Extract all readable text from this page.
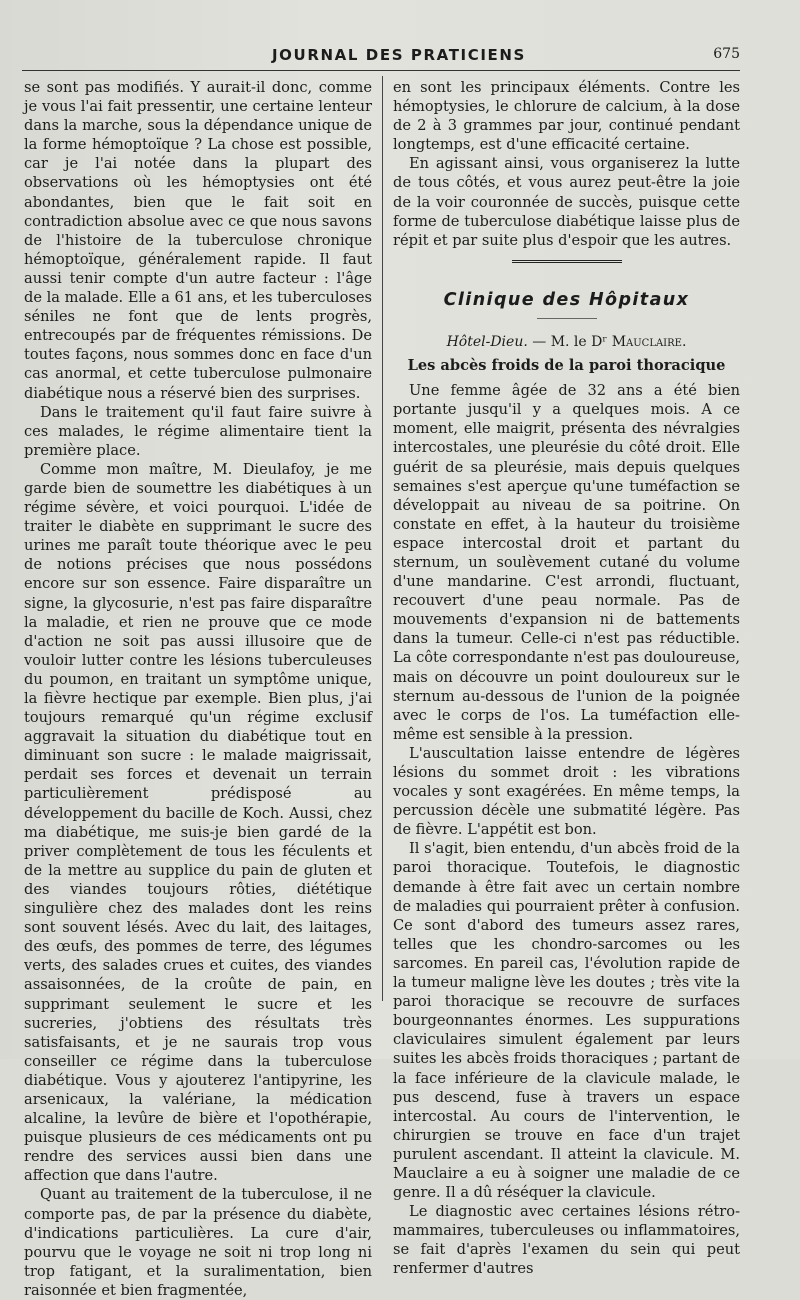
JOURNAL DES PRATICIENS	675

se sont pas modifiés. Y aurait-il donc, comme je vous l'ai fait pressentir, une certaine lenteur dans la marche, sous la dépendance unique de la forme hémoptoïque ? La chose est possible, car je l'ai notée dans la plupart des observations où les hémoptysies ont été abondantes, bien que le fait soit en contradiction absolue avec ce que nous savons de l'histoire de la tuberculose chronique hémoptoïque, généralement rapide. Il faut aussi tenir compte d'un autre facteur : l'âge de la malade. Elle a 61 ans, et les tuberculoses séniles ne font que de lents progrès, entrecoupés par de fréquentes rémissions. De toutes façons, nous sommes donc en face d'un cas anormal, et cette tuberculose pulmonaire diabétique nous a réservé bien des surprises.

Dans le traitement qu'il faut faire suivre à ces malades, le régime alimentaire tient la première place.

Comme mon maître, M. Dieulafoy, je me garde bien de soumettre les diabétiques à un régime sévère, et voici pourquoi. L'idée de traiter le diabète en supprimant le sucre des urines me paraît toute théorique avec le peu de notions précises que nous possédons encore sur son essence. Faire disparaître un signe, la glycosurie, n'est pas faire disparaître la maladie, et rien ne prouve que ce mode d'action ne soit pas aussi illusoire que de vouloir lutter contre les lésions tuberculeuses du poumon, en traitant un symptôme unique, la fièvre hectique par exemple. Bien plus, j'ai toujours remarqué qu'un régime exclusif aggravait la situation du diabétique tout en diminuant son sucre : le malade maigrissait, perdait ses forces et devenait un terrain particulièrement prédisposé au développement du bacille de Koch. Aussi, chez ma diabétique, me suis-je bien gardé de la priver complètement de tous les féculents et de la mettre au supplice du pain de gluten et des viandes toujours rôties, diététique singulière chez des malades dont les reins sont souvent lésés. Avec du lait, des laitages, des œufs, des pommes de terre, des légumes verts, des salades crues et cuites, des viandes assaisonnées, de la croûte de pain, en supprimant seulement le sucre et les sucreries, j'obtiens des résultats très satisfaisants, et je ne saurais trop vous conseiller ce régime dans la tuberculose diabétique. Vous y ajouterez l'antipyrine, les arsenicaux, la valériane, la médication alcaline, la levûre de bière et l'opothérapie, puisque plusieurs de ces médicaments ont pu rendre des services aussi bien dans une affection que dans l'autre.

Quant au traitement de la tuberculose, il ne comporte pas, de par la présence du diabète, d'indications particulières. La cure d'air, pourvu que le voyage ne soit ni trop long ni trop fatigant, et la suralimentation, bien raisonnée et bien fragmentée,

en sont les principaux éléments. Contre les hémoptysies, le chlorure de calcium, à la dose de 2 à 3 grammes par jour, continué pendant longtemps, est d'une efficacité certaine.

En agissant ainsi, vous organiserez la lutte de tous côtés, et vous aurez peut-être la joie de la voir couronnée de succès, puisque cette forme de tuberculose diabétique laisse plus de répit et par suite plus d'espoir que les autres.

Clinique des Hôpitaux
Hôtel-Dieu. — M. le Dʳ Mauclaire.
Les abcès froids de la paroi thoracique

Une femme âgée de 32 ans a été bien portante jusqu'il y a quelques mois. A ce moment, elle maigrit, présenta des névralgies intercostales, une pleurésie du côté droit. Elle guérit de sa pleurésie, mais depuis quelques semaines s'est aperçue qu'une tuméfaction se développait au niveau de sa poitrine. On constate en effet, à la hauteur du troisième espace intercostal droit et partant du sternum, un soulèvement cutané du volume d'une mandarine. C'est arrondi, fluctuant, recouvert d'une peau normale. Pas de mouvements d'expansion ni de battements dans la tumeur. Celle-ci n'est pas réductible. La côte correspondante n'est pas douloureuse, mais on découvre un point douloureux sur le sternum au-dessous de l'union de la poignée avec le corps de l'os. La tuméfaction elle-même est sensible à la pression.

L'auscultation laisse entendre de légères lésions du sommet droit : les vibrations vocales y sont exagérées. En même temps, la percussion décèle une submatité légère. Pas de fièvre. L'appétit est bon.

Il s'agit, bien entendu, d'un abcès froid de la paroi thoracique. Toutefois, le diagnostic demande à être fait avec un certain nombre de maladies qui pourraient prêter à confusion. Ce sont d'abord des tumeurs assez rares, telles que les chondro-sarcomes ou les sarcomes. En pareil cas, l'évolution rapide de la tumeur maligne lève les doutes ; très vite la paroi thoracique se recouvre de surfaces bourgeonnantes énormes. Les suppurations claviculaires simulent également par leurs suites les abcès froids thoraciques ; partant de la face inférieure de la clavicule malade, le pus descend, fuse à travers un espace intercostal. Au cours de l'intervention, le chirurgien se trouve en face d'un trajet purulent ascendant. Il atteint la clavicule. M. Mauclaire a eu à soigner une maladie de ce genre. Il a dû réséquer la clavicule.

Le diagnostic avec certaines lésions rétro-mammaires, tuberculeuses ou inflammatoires, se fait d'après l'examen du sein qui peut renfermer d'autres
